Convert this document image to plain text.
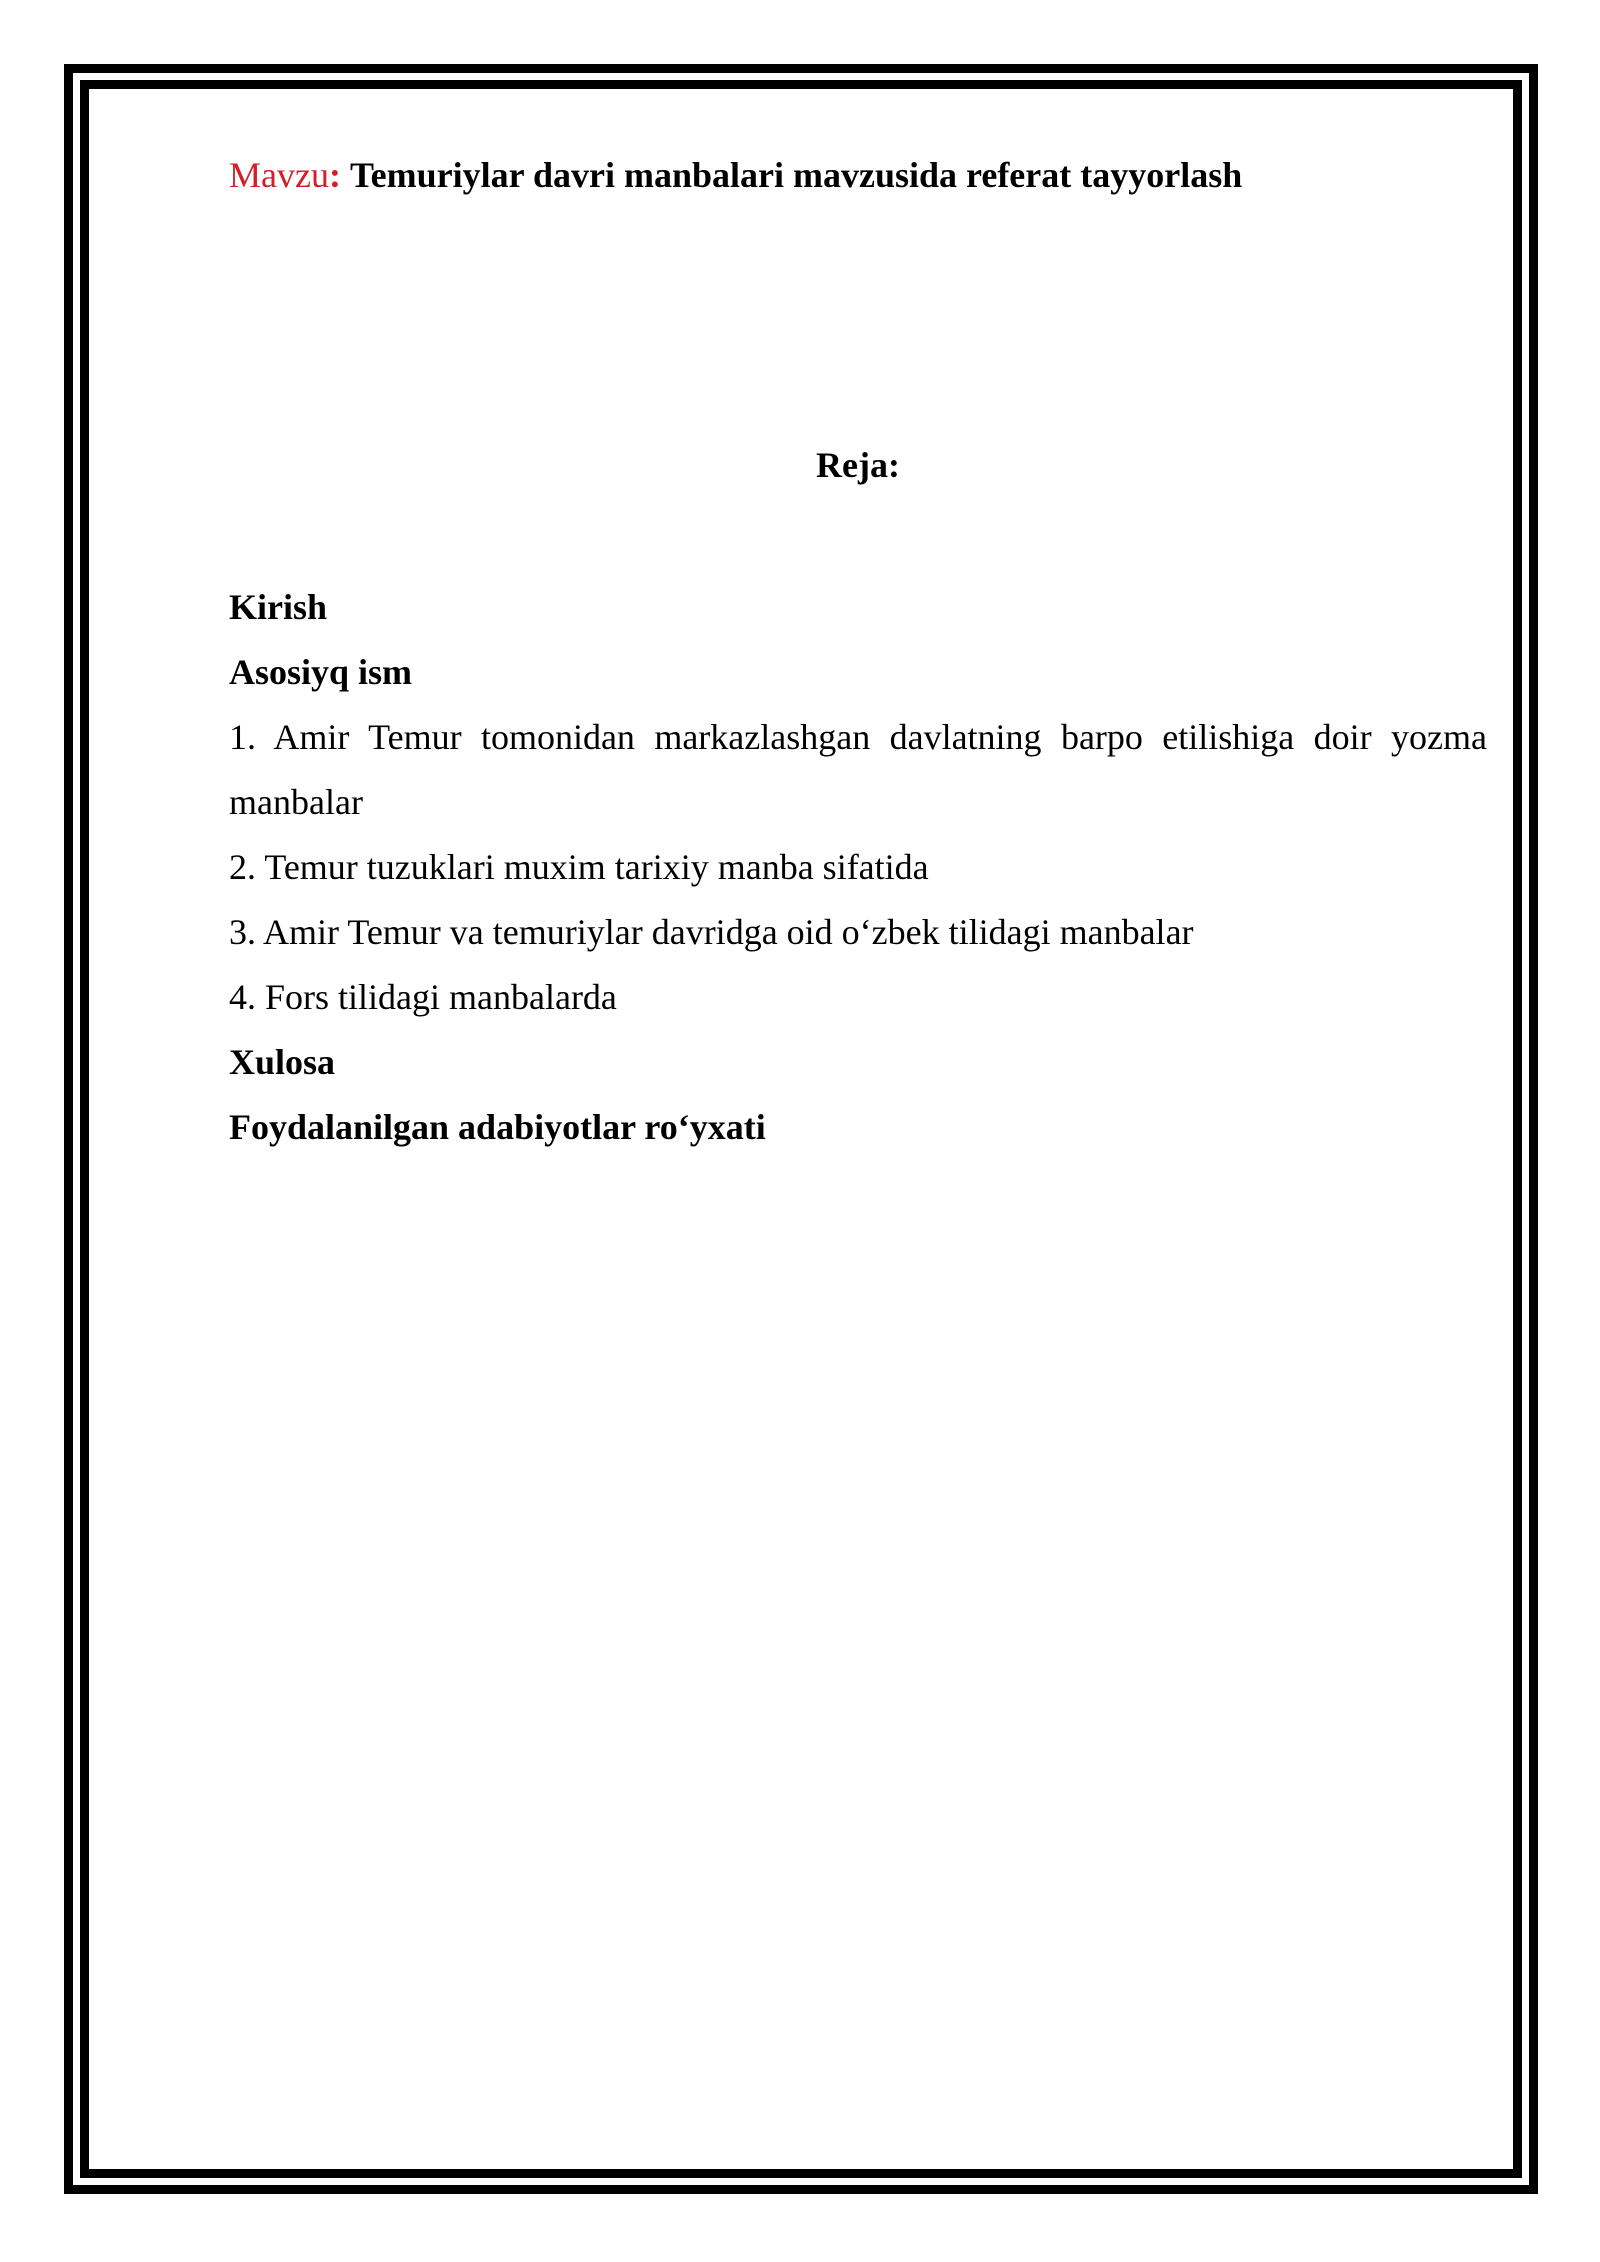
Mavzu: Temuriylar davri manbalari mavzusida referat tayyorlash
Reja:
Kirish
Asosiyq ism
1. Amir Temur tomonidan markazlashgan davlatning barpo etilishiga doir yozma manbalar
2. Temur tuzuklari muxim tarixiy manba sifatida
3. Amir Temur va temuriylar davridga oid o‘zbek tilidagi manbalar
4. Fors tilidagi manbalarda
Xulosa
Foydalanilgan adabiyotlar ro‘yxati
